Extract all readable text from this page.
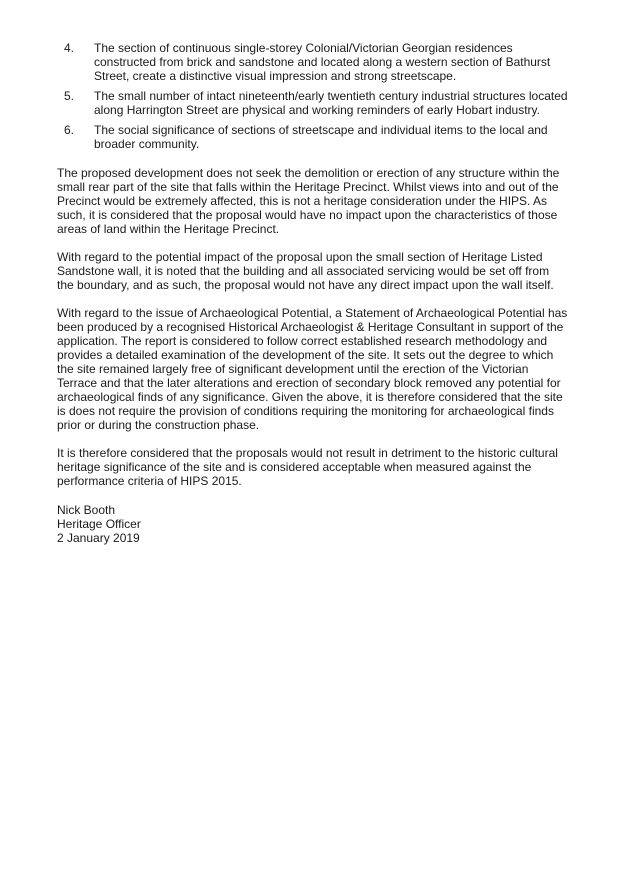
4.	The section of continuous single-storey Colonial/Victorian Georgian residences constructed from brick and sandstone and located along a western section of Bathurst Street, create a distinctive visual impression and strong streetscape.
5.	The small number of intact nineteenth/early twentieth century industrial structures located along Harrington Street are physical and working reminders of early Hobart industry.
6.	The social significance of sections of streetscape and individual items to the local and broader community.

The proposed development does not seek the demolition or erection of any structure within the small rear part of the site that falls within the Heritage Precinct. Whilst views into and out of the Precinct would be extremely affected, this is not a heritage consideration under the HIPS. As such, it is considered that the proposal would have no impact upon the characteristics of those areas of land within the Heritage Precinct.

With regard to the potential impact of the proposal upon the small section of Heritage Listed Sandstone wall, it is noted that the building and all associated servicing would be set off from the boundary, and as such, the proposal would not have any direct impact upon the wall itself.

With regard to the issue of Archaeological Potential, a Statement of Archaeological Potential has been produced by a recognised Historical Archaeologist & Heritage Consultant in support of the application. The report is considered to follow correct established research methodology and provides a detailed examination of the development of the site. It sets out the degree to which the site remained largely free of significant development until the erection of the Victorian Terrace and that the later alterations and erection of secondary block removed any potential for archaeological finds of any significance. Given the above, it is therefore considered that the site is does not require the provision of conditions requiring the monitoring for archaeological finds prior or during the construction phase.

It is therefore considered that the proposals would not result in detriment to the historic cultural heritage significance of the site and is considered acceptable when measured against the performance criteria of HIPS 2015.

Nick Booth
Heritage Officer
2 January 2019
